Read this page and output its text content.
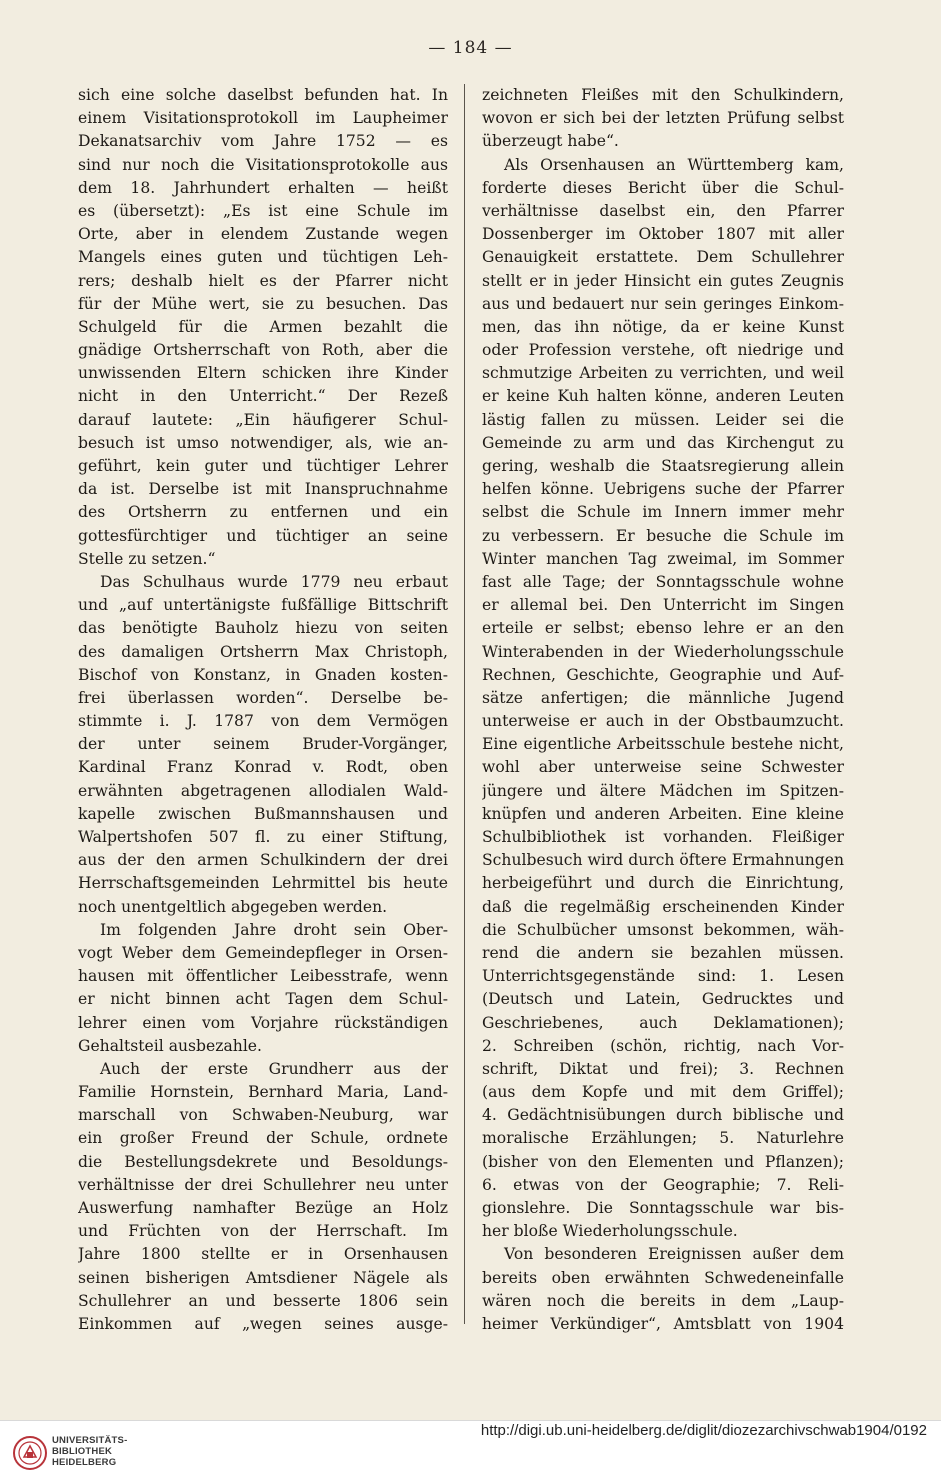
— 184 —
sich eine solche daselbst befunden hat. In
einem Visitationsprotokoll im Laupheimer
Dekanatsarchiv vom Jahre 1752 — es
sind nur noch die Visitationsprotokolle aus
dem 18. Jahrhundert erhalten — heißt
es (übersetzt): „Es ist eine Schule im
Orte, aber in elendem Zustande wegen
Mangels eines guten und tüchtigen Leh-
rers; deshalb hielt es der Pfarrer nicht
für der Mühe wert, sie zu besuchen. Das
Schulgeld für die Armen bezahlt die
gnädige Ortsherrschaft von Roth, aber die
unwissenden Eltern schicken ihre Kinder
nicht in den Unterricht.“ Der Rezeß
darauf lautete: „Ein häufigerer Schul-
besuch ist umso notwendiger, als, wie an-
geführt, kein guter und tüchtiger Lehrer
da ist. Derselbe ist mit Inanspruchnahme
des Ortsherrn zu entfernen und ein
gottesfürchtiger und tüchtiger an seine
Stelle zu setzen.“
Das Schulhaus wurde 1779 neu erbaut
und „auf untertänigste fußfällige Bittschrift
das benötigte Bauholz hiezu von seiten
des damaligen Ortsherrn Max Christoph,
Bischof von Konstanz, in Gnaden kosten-
frei überlassen worden“. Derselbe be-
stimmte i. J. 1787 von dem Vermögen
der unter seinem Bruder-Vorgänger,
Kardinal Franz Konrad v. Rodt, oben
erwähnten abgetragenen allodialen Wald-
kapelle zwischen Bußmannshausen und
Walpertshofen 507 fl. zu einer Stiftung,
aus der den armen Schulkindern der drei
Herrschaftsgemeinden Lehrmittel bis heute
noch unentgeltlich abgegeben werden.
Im folgenden Jahre droht sein Ober-
vogt Weber dem Gemeindepfleger in Orsen-
hausen mit öffentlicher Leibesstrafe, wenn
er nicht binnen acht Tagen dem Schul-
lehrer einen vom Vorjahre rückständigen
Gehaltsteil ausbezahle.
Auch der erste Grundherr aus der
Familie Hornstein, Bernhard Maria, Land-
marschall von Schwaben-Neuburg, war
ein großer Freund der Schule, ordnete
die Bestellungsdekrete und Besoldungs-
verhältnisse der drei Schullehrer neu unter
Auswerfung namhafter Bezüge an Holz
und Früchten von der Herrschaft. Im
Jahre 1800 stellte er in Orsenhausen
seinen bisherigen Amtsdiener Nägele als
Schullehrer an und besserte 1806 sein
Einkommen auf „wegen seines ausge-
zeichneten Fleißes mit den Schulkindern,
wovon er sich bei der letzten Prüfung selbst
überzeugt habe“.
Als Orsenhausen an Württemberg kam,
forderte dieses Bericht über die Schul-
verhältnisse daselbst ein, den Pfarrer
Dossenberger im Oktober 1807 mit aller
Genauigkeit erstattete. Dem Schullehrer
stellt er in jeder Hinsicht ein gutes Zeugnis
aus und bedauert nur sein geringes Einkom-
men, das ihn nötige, da er keine Kunst
oder Profession verstehe, oft niedrige und
schmutzige Arbeiten zu verrichten, und weil
er keine Kuh halten könne, anderen Leuten
lästig fallen zu müssen. Leider sei die
Gemeinde zu arm und das Kirchengut zu
gering, weshalb die Staatsregierung allein
helfen könne. Uebrigens suche der Pfarrer
selbst die Schule im Innern immer mehr
zu verbessern. Er besuche die Schule im
Winter manchen Tag zweimal, im Sommer
fast alle Tage; der Sonntagsschule wohne
er allemal bei. Den Unterricht im Singen
erteile er selbst; ebenso lehre er an den
Winterabenden in der Wiederholungsschule
Rechnen, Geschichte, Geographie und Auf-
sätze anfertigen; die männliche Jugend
unterweise er auch in der Obstbaumzucht.
Eine eigentliche Arbeitsschule bestehe nicht,
wohl aber unterweise seine Schwester
jüngere und ältere Mädchen im Spitzen-
knüpfen und anderen Arbeiten. Eine kleine
Schulbibliothek ist vorhanden. Fleißiger
Schulbesuch wird durch öftere Ermahnungen
herbeigeführt und durch die Einrichtung,
daß die regelmäßig erscheinenden Kinder
die Schulbücher umsonst bekommen, wäh-
rend die andern sie bezahlen müssen.
Unterrichtsgegenstände sind: 1. Lesen
(Deutsch und Latein, Gedrucktes und
Geschriebenes, auch Deklamationen);
2. Schreiben (schön, richtig, nach Vor-
schrift, Diktat und frei); 3. Rechnen
(aus dem Kopfe und mit dem Griffel);
4. Gedächtnisübungen durch biblische und
moralische Erzählungen; 5. Naturlehre
(bisher von den Elementen und Pflanzen);
6. etwas von der Geographie; 7. Reli-
gionslehre. Die Sonntagsschule war bis-
her bloße Wiederholungsschule.
Von besonderen Ereignissen außer dem
bereits oben erwähnten Schwedeneinfalle
wären noch die bereits in dem „Laup-
heimer Verkündiger“, Amtsblatt von 1904
UNIVERSITÄTS-
BIBLIOTHEK
HEIDELBERG
http://digi.ub.uni-heidelberg.de/diglit/diozezarchivschwab1904/0192
